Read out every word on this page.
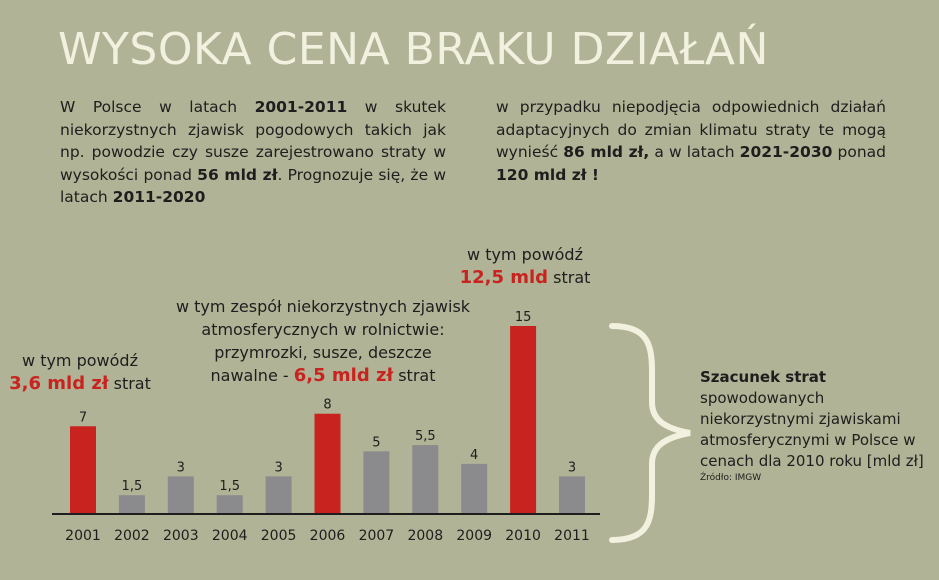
WYSOKA CENA BRAKU DZIAŁAŃ
W Polsce w latach 2001-2011 w skutek niekorzystnych zjawisk pogodowych takich jak np. powodzie czy susze zarejestrowano straty w wysokości ponad 56 mld zł. Prognozuje się, że w latach 2011-2020
w przypadku niepodjęcia odpowiednich działań adaptacyjnych do zmian klimatu straty te mogą wynieść 86 mld zł, a w latach 2021-2030 ponad 120 mld zł !
w tym powódź
3,6 mld zł strat
w tym zespół niekorzystnych zjawisk
atmosferycznych w rolnictwie:
przymrozki, susze, deszcze
nawalne - 6,5 mld zł strat
w tym powódź
12,5 mld strat
7
1,5
3
1,5
3
8
5	5,5
4
15
3
2001 2002 2003 2004 2005 2006 2007 2008 2009 2010 2011
Szacunek strat spowodowanych niekorzystnymi zjawiskami atmosferycznymi w Polsce w cenach dla 2010 roku [mld zł]
Źródło: IMGW
